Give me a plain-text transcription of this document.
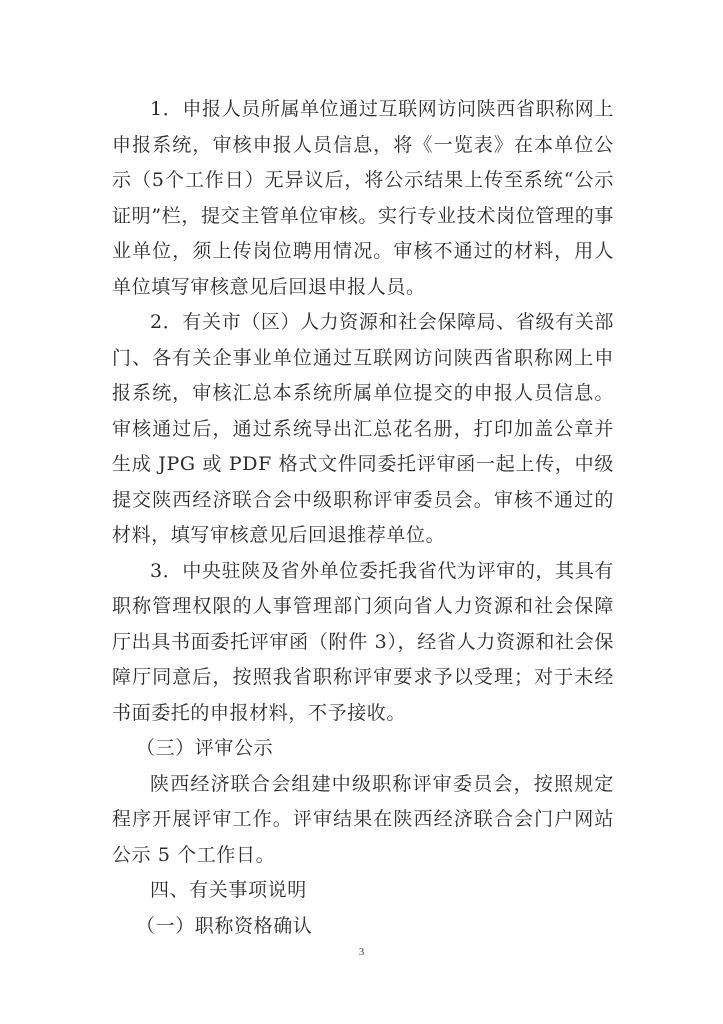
1．申报人员所属单位通过互联网访问陕西省职称网上申报系统，审核申报人员信息，将《一览表》在本单位公示（5个工作日）无异议后，将公示结果上传至系统“公示证明”栏，提交主管单位审核。实行专业技术岗位管理的事业单位，须上传岗位聘用情况。审核不通过的材料，用人单位填写审核意见后回退申报人员。

2．有关市（区）人力资源和社会保障局、省级有关部门、各有关企事业单位通过互联网访问陕西省职称网上申报系统，审核汇总本系统所属单位提交的申报人员信息。审核通过后，通过系统导出汇总花名册，打印加盖公章并生成 JPG 或 PDF 格式文件同委托评审函一起上传，中级提交陕西经济联合会中级职称评审委员会。审核不通过的材料，填写审核意见后回退推荐单位。

3．中央驻陕及省外单位委托我省代为评审的，其具有职称管理权限的人事管理部门须向省人力资源和社会保障厅出具书面委托评审函（附件 3），经省人力资源和社会保障厅同意后，按照我省职称评审要求予以受理；对于未经书面委托的申报材料，不予接收。

（三）评审公示

陕西经济联合会组建中级职称评审委员会，按照规定程序开展评审工作。评审结果在陕西经济联合会门户网站公示 5 个工作日。

四、有关事项说明

（一）职称资格确认

3
